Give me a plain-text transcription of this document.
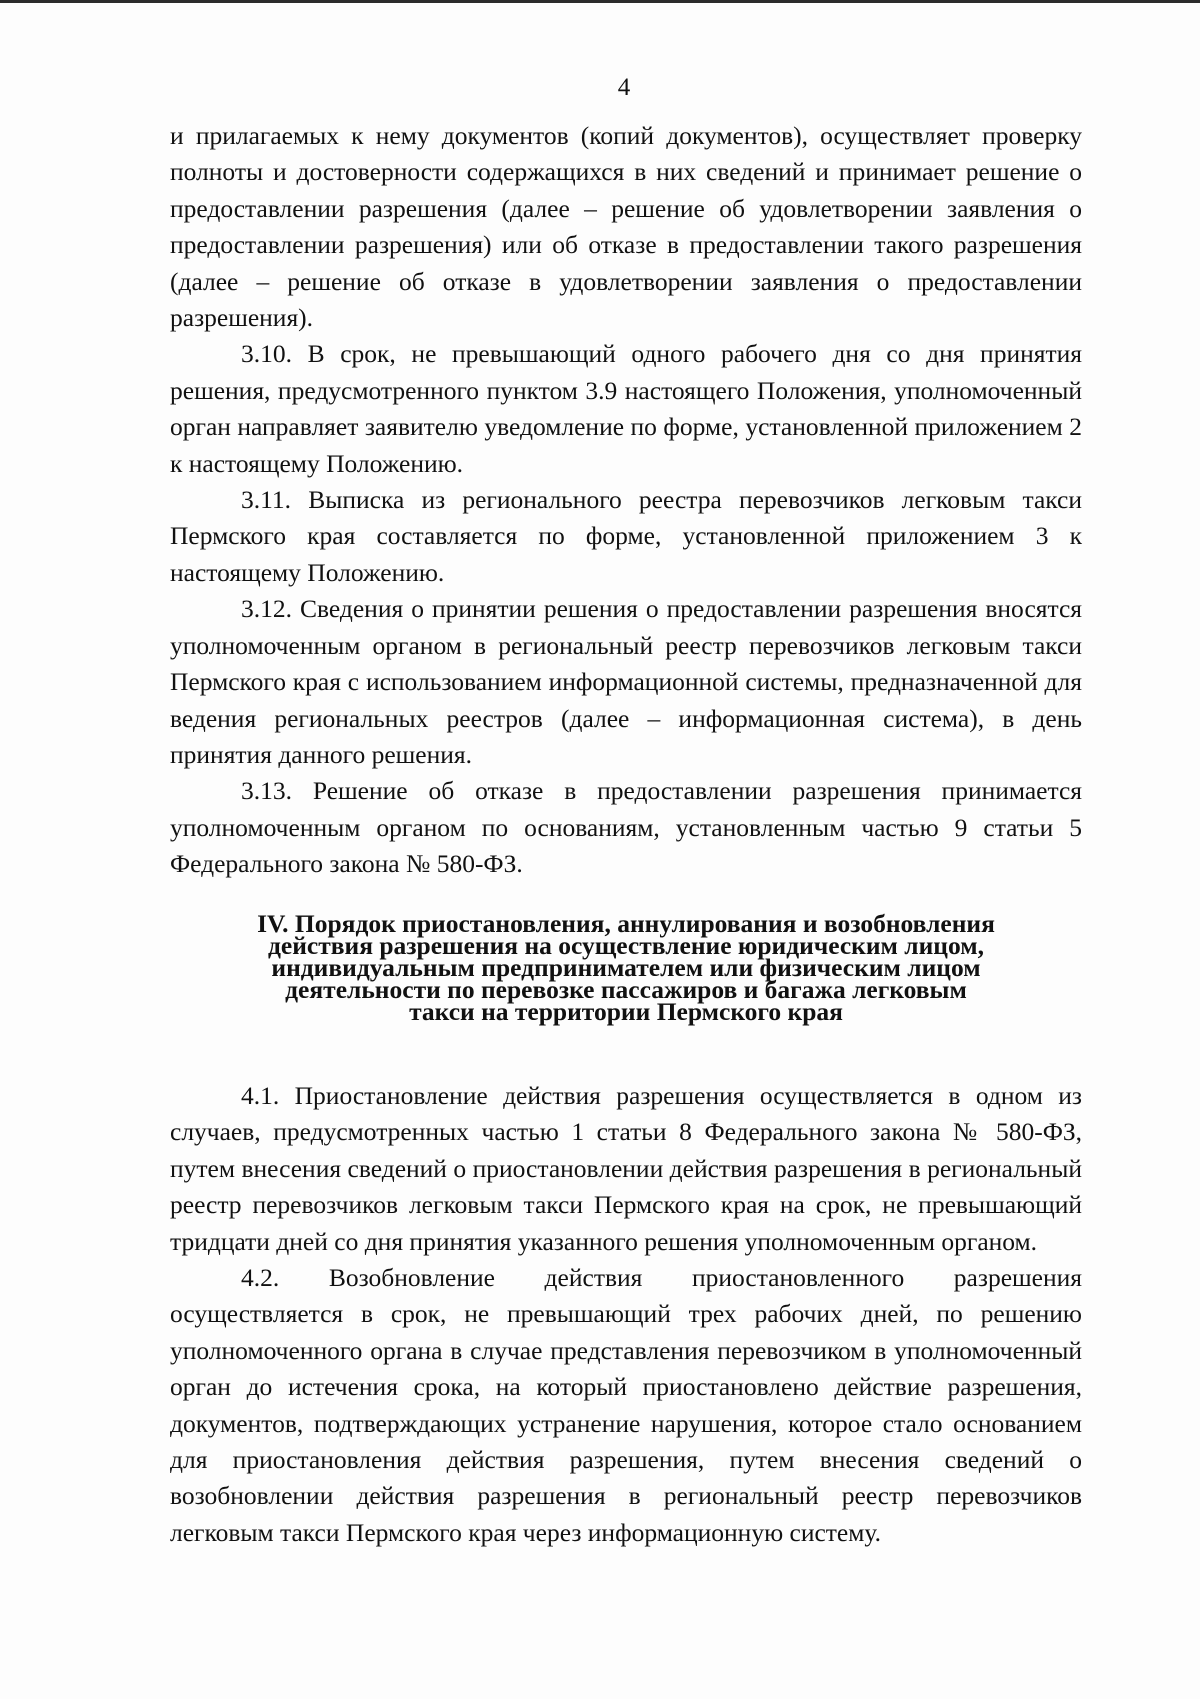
4

и прилагаемых к нему документов (копий документов), осуществляет проверку полноты и достоверности содержащихся в них сведений и принимает решение о предоставлении разрешения (далее – решение об удовлетворении заявления о предоставлении разрешения) или об отказе в предоставлении такого разрешения (далее – решение об отказе в удовлетворении заявления о предоставлении разрешения).

3.10. В срок, не превышающий одного рабочего дня со дня принятия решения, предусмотренного пунктом 3.9 настоящего Положения, уполномоченный орган направляет заявителю уведомление по форме, установленной приложением 2 к настоящему Положению.

3.11. Выписка из регионального реестра перевозчиков легковым такси Пермского края составляется по форме, установленной приложением 3 к настоящему Положению.

3.12. Сведения о принятии решения о предоставлении разрешения вносятся уполномоченным органом в региональный реестр перевозчиков легковым такси Пермского края с использованием информационной системы, предназначенной для ведения региональных реестров (далее – информационная система), в день принятия данного решения.

3.13. Решение об отказе в предоставлении разрешения принимается уполномоченным органом по основаниям, установленным частью 9 статьи 5 Федерального закона № 580-ФЗ.

IV. Порядок приостановления, аннулирования и возобновления
действия разрешения на осуществление юридическим лицом,
индивидуальным предпринимателем или физическим лицом
деятельности по перевозке пассажиров и багажа легковым
такси на территории Пермского края

4.1. Приостановление действия разрешения осуществляется в одном из случаев, предусмотренных частью 1 статьи 8 Федерального закона № 580-ФЗ, путем внесения сведений о приостановлении действия разрешения в региональный реестр перевозчиков легковым такси Пермского края на срок, не превышающий тридцати дней со дня принятия указанного решения уполномоченным органом.

4.2. Возобновление действия приостановленного разрешения осуществляется в срок, не превышающий трех рабочих дней, по решению уполномоченного органа в случае представления перевозчиком в уполномоченный орган до истечения срока, на который приостановлено действие разрешения, документов, подтверждающих устранение нарушения, которое стало основанием для приостановления действия разрешения, путем внесения сведений о возобновлении действия разрешения в региональный реестр перевозчиков легковым такси Пермского края через информационную систему.
